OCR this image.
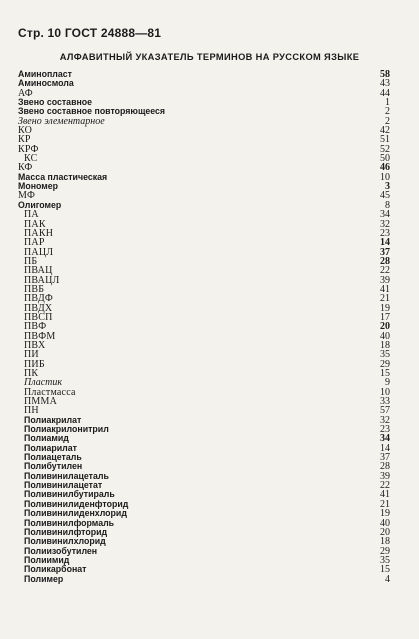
Стр. 10 ГОСТ 24888—81
АЛФАВИТНЫЙ УКАЗАТЕЛЬ ТЕРМИНОВ НА РУССКОМ ЯЗЫКЕ
Аминопласт	58
Аминосмола	43
АФ	44
Звено составное	1
Звено составное повторяющееся	2
Звено элементарное	2
КО	42
КР	51
КРФ	52
КС	50
КФ	46
Масса пластическая	10
Мономер	3
МФ	45
Олигомер	8
ПА	34
ПАК	32
ПАКН	23
ПАР	14
ПАЦЛ	37
ПБ	28
ПВАЦ	22
ПВАЦЛ	39
ПВБ	41
ПВДФ	21
ПВДХ	19
ПВСП	17
ПВФ	20
ПВФМ	40
ПВХ	18
ПИ	35
ПИБ	29
ПК	15
Пластик	9
Пластмасса	10
ПММА	33
ПН	57
Полиакрилат	32
Полиакрилонитрил	23
Полиамид	34
Полиарилат	14
Полиацеталь	37
Полибутилен	28
Поливинилацеталь	39
Поливинилацетат	22
Поливинилбутираль	41
Поливинилиденфторид	21
Поливинилиденхлорид	19
Поливинилформаль	40
Поливинилфторид	20
Поливинилхлорид	18
Полиизобутилен	29
Полиимид	35
Поликарбонат	15
Полимер	4
